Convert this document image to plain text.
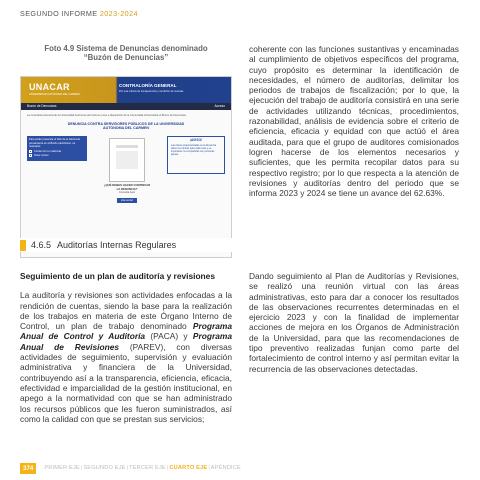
SEGUNDO INFORME 2023-2024
Foto 4.9 Sistema de Denuncias denominado
“Buzón de Denuncias”
UNACAR
UNIVERSIDAD AUTÓNOMA DEL CARMEN
CONTRALORÍA GENERAL
Por una cultura de transparencia y rendición de cuentas
Buzón de Denuncias	Acceso
La Contraloría General de la Universidad Autónoma del Carmen pone a disposición de la Comunidad Universitaria el Buzón de Denuncias.
DENUNCIA CONTRA SERVIDORES PÚBLICOS DE LA UNIVERSIDAD
AUTÓNOMA DEL CARMEN
Para poder presentar el folio de tu Denuncia previamente en el Buzón electrónico, es necesario:
Contar con tu matrícula
Tener correo
¿QUÉ DEBES HACER CONTINUAR LA DENUNCIA?
Consulta Aquí
¡Denunciar!
¡AVISO!
Las claves proporcionadas en la Denuncia deben ser únicas para cada caso y es importante no compartirlas con personas ajenas.
4.6.5 Auditorías Internas Regulares

coherente con las funciones sustantivas y encaminadas al cumplimiento de objetivos específicos del programa, cuyo propósito es determinar la identificación de necesidades, el número de auditorías, delimitar los periodos de trabajos de fiscalización; por lo que, la ejecución del trabajo de auditoría consistirá en una serie de actividades utilizando técnicas, procedimientos, razonabilidad, análisis de evidencia sobre el criterio de eficiencia, eficacia y equidad con que actúó el área auditada, para que el grupo de auditores comisionados logren hacerse de los elementos necesarios y suficientes, que les permita recopilar datos para su respectivo registro; por lo que respecta a la atención de revisiones y auditorías dentro del periodo que se informa 2023 y 2024 se tiene un avance del 62.63%.

Seguimiento de un plan de auditoría y revisiones

La auditoría y revisiones son actividades enfocadas a la rendición de cuentas, siendo la base para la realización de los trabajos en materia de este Órgano Interno de Control, un plan de trabajo denominado Programa Anual de Control y Auditoría (PACA) y Programa Anual de Revisiones (PAREV), con diversas actividades de seguimiento, supervisión y evaluación administrativa y financiera de la Universidad, contribuyendo así a la transparencia, eficiencia, eficacia, efectividad e imparcialidad de la gestión institucional, en apego a la normatividad con que se han administrado los recursos públicos que les fueron suministrados, así como la calidad con que se prestan sus servicios;

Dando seguimiento al Plan de Auditorías y Revisiones, se realizó una reunión virtual con las áreas administrativas, esto para dar a conocer los resultados de las observaciones recurrentes determinadas en el ejercicio 2023 y con la finalidad de implementar acciones de mejora en los Órganos de Administración de la Universidad, para que las recomendaciones de tipo preventivo realizadas funjan como parte del fortalecimiento de control interno y así permitan evitar la recurrencia de las observaciones detectadas.

374	PRIMER EJE | SEGUNDO EJE | TERCER EJE | CUARTO EJE | APÉNDICE
